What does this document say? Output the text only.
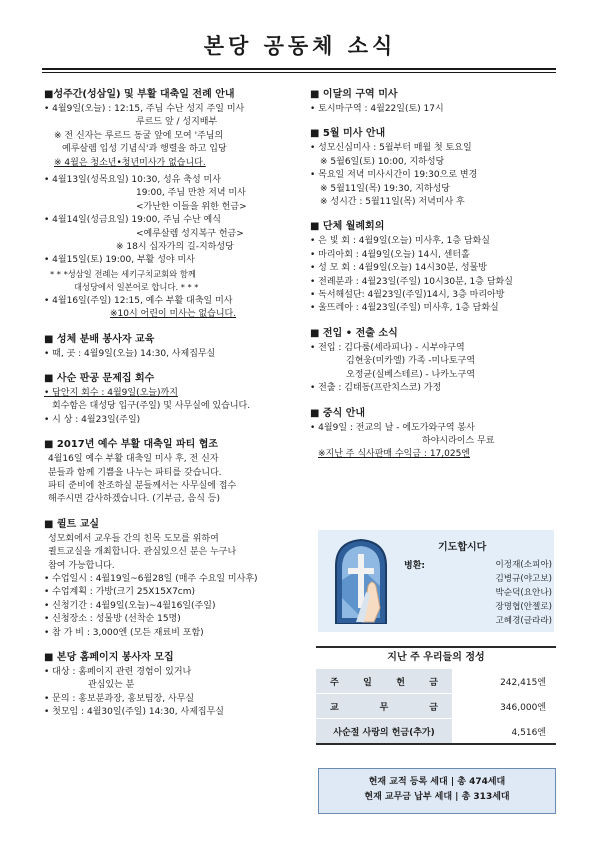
본당 공동체 소식
■성주간(성삼일) 및 부활 대축일 전례 안내
• 4월9일(오늘) : 12:15, 주님 수난 성지 주일 미사
루르드 앞 / 성지배부
※ 전 신자는 루르드 동굴 앞에 모여 '주님의
예루살렘 입성 기념식'과 행렬을 하고 입당
※ 4월은 청소년•청년미사가 없습니다.
• 4월13일(성목요일) 10:30, 성유 축성 미사
19:00, 주님 만찬 저녁 미사
<가난한 이들을 위한 헌금>
• 4월14일(성금요일) 19:00, 주님 수난 예식
<예루살렘 성지복구 헌금>
※ 18시 십자가의 길-지하성당
• 4월15일(토) 19:00, 부활 성야 미사
* * *성삼일 전례는 세키구치교회와 함께
대성당에서 일본어로 합니다. * * *
• 4월16일(주일) 12:15, 예수 부활 대축일 미사
※10시 어린이 미사는 없습니다.
■ 성체 분배 봉사자 교육
• 때, 곳 : 4월9일(오늘) 14:30, 사제집무실
■ 사순 판공 문제집 회수
• 답안지 회수 : 4월9일(오늘)까지
회수함은 대성당 입구(주일) 및 사무실에 있습니다.
• 시 상 : 4월23일(주일)
■ 2017년 예수 부활 대축일 파티 협조
4월16일 예수 부활 대축일 미사 후, 전 신자
분들과 함께 기쁨을 나누는 파티를 갖습니다.
파티 준비에 찬조하실 분들께서는 사무실에 접수
해주시면 감사하겠습니다. (기부금, 음식 등)
■ 퀼트 교실
성모회에서 교우들 간의 친목 도모를 위하여
퀼트교실을 개최합니다. 관심있으신 분은 누구나
참여 가능합니다.
• 수업일시 : 4월19일~6월28일 (매주 수요일 미사후)
• 수업계획 : 가방(크기 25X15X7cm)
• 신청기간 : 4월9일(오늘)~4월16일(주일)
• 신청장소 : 성물방 (선착순 15명)
• 참 가 비 : 3,000엔 (모든 재료비 포함)
■ 본당 홈페이지 봉사자 모집
• 대상 : 홈페이지 관련 경험이 있거나
관심있는 분
• 문의 : 홍보분과장, 홍보팀장, 사무실
• 첫모임 : 4월30일(주일) 14:30, 사제집무실
■ 이달의 구역 미사
• 토시마구역 : 4월22일(토) 17시
■ 5월 미사 안내
• 성모신심미사 : 5월부터 매월 첫 토요일
※ 5월6일(토) 10:00, 지하성당
• 목요일 저녁 미사시간이 19:30으로 변경
※ 5월11일(목) 19:30, 지하성당
※ 성시간 : 5월11일(목) 저녁미사 후
■ 단체 월례회의
• 은 빛 회 : 4월9일(오늘) 미사후, 1층 담화실
• 마리아회 : 4월9일(오늘) 14시, 센터홀
• 성 모 회 : 4월9일(오늘) 14시30분, 성물방
• 전례분과 : 4월23일(주일) 10시30분, 1층 담화실
• 독서해설단: 4월23일(주일)14시, 3층 마리아방
• 울뜨레아 : 4월23일(주일) 미사후, 1층 담화실
■ 전입 • 전출 소식
• 전입 : 김다룸(세라피나) - 시부야구역
김현웅(미카엘) 가족 -미나토구역
오정균(실베스테르) - 나카노구역
• 전출 : 김태동(프란치스코) 가정
■ 중식 안내
• 4월9일 : 전교의 날 - 에도가와구역 봉사
하야시라이스 무료
※지난 주 식사판매 수익금 : 17,025엔
기도합시다
병환:	이정재(소피아)
김병규(야고보)
박순덕(요안나)
장명협(안젤로)
고혜경(글라라)
지난 주 우리들의 정성
주 일 헌 금	242,415엔
교 무 금	346,000엔
사순절 사랑의 헌금(추가)	4,516엔
현재 교적 등록 세대 | 총 474세대
현재 교무금 납부 세대 | 총 313세대
